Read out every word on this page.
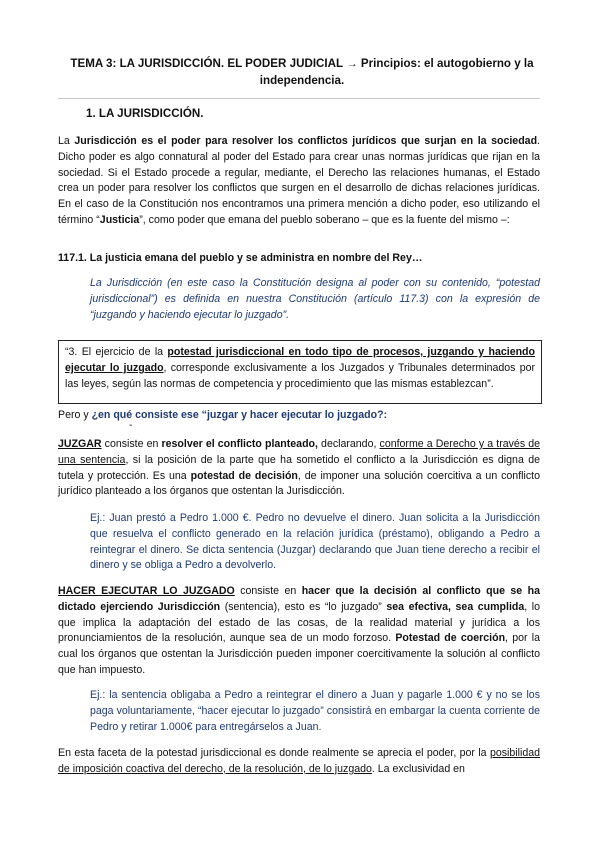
TEMA 3: LA JURISDICCIÓN. EL PODER JUDICIAL → Principios: el autogobierno y la independencia.
1. LA JURISDICCIÓN.
La Jurisdicción es el poder para resolver los conflictos jurídicos que surjan en la sociedad. Dicho poder es algo connatural al poder del Estado para crear unas normas jurídicas que rijan en la sociedad. Si el Estado procede a regular, mediante, el Derecho las relaciones humanas, el Estado crea un poder para resolver los conflictos que surgen en el desarrollo de dichas relaciones jurídicas. En el caso de la Constitución nos encontramos una primera mención a dicho poder, eso utilizando el término “Justicia”, como poder que emana del pueblo soberano – que es la fuente del mismo –:
117.1. La justicia emana del pueblo y se administra en nombre del Rey…
La Jurisdicción (en este caso la Constitución designa al poder con su contenido, “potestad jurisdiccional”) es definida en nuestra Constitución (artículo 117.3) con la expresión de “juzgando y haciendo ejecutar lo juzgado”.
“3. El ejercicio de la potestad jurisdiccional en todo tipo de procesos, juzgando y haciendo ejecutar lo juzgado, corresponde exclusivamente a los Juzgados y Tribunales determinados por las leyes, según las normas de competencia y procedimiento que las mismas establezcan”.
Pero y ¿en qué consiste ese “juzgar y hacer ejecutar lo juzgado?:
-
JUZGAR consiste en resolver el conflicto planteado, declarando, conforme a Derecho y a través de una sentencia, si la posición de la parte que ha sometido el conflicto a la Jurisdicción es digna de tutela y protección. Es una potestad de decisión, de imponer una solución coercitiva a un conflicto jurídico planteado a los órganos que ostentan la Jurisdicción.
Ej.: Juan prestó a Pedro 1.000 €. Pedro no devuelve el dinero. Juan solicita a la Jurisdicción que resuelva el conflicto generado en la relación jurídica (préstamo), obligando a Pedro a reintegrar el dinero. Se dicta sentencia (Juzgar) declarando que Juan tiene derecho a recibir el dinero y se obliga a Pedro a devolverlo.
HACER EJECUTAR LO JUZGADO consiste en hacer que la decisión al conflicto que se ha dictado ejerciendo Jurisdicción (sentencia), esto es “lo juzgado” sea efectiva, sea cumplida, lo que implica la adaptación del estado de las cosas, de la realidad material y jurídica a los pronunciamientos de la resolución, aunque sea de un modo forzoso. Potestad de coerción, por la cual los órganos que ostentan la Jurisdicción pueden imponer coercitivamente la solución al conflicto que han impuesto.
Ej.: la sentencia obligaba a Pedro a reintegrar el dinero a Juan y pagarle 1.000 € y no se los paga voluntariamente, “hacer ejecutar lo juzgado” consistirá en embargar la cuenta corriente de Pedro y retirar 1.000€ para entregárselos a Juan.
En esta faceta de la potestad jurisdiccional es donde realmente se aprecia el poder, por la posibilidad de imposición coactiva del derecho, de la resolución, de lo juzgado. La exclusividad en
